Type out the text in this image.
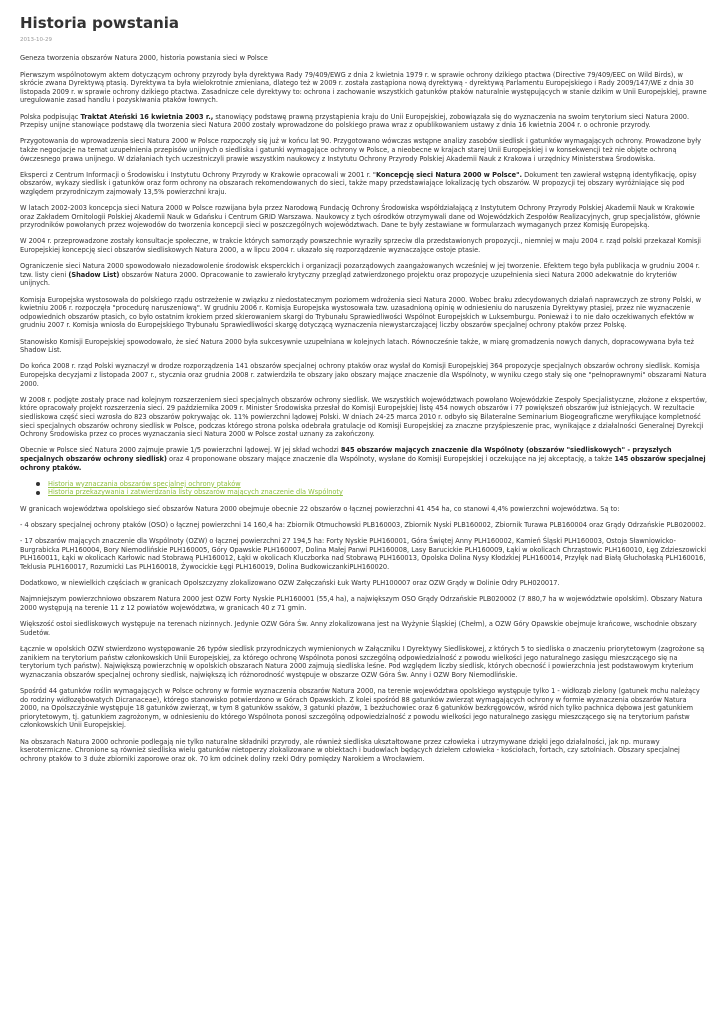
Historia powstania
2013-10-29

Geneza tworzenia obszarów Natura 2000, historia powstania sieci w Polsce

Pierwszym wspólnotowym aktem dotyczącym ochrony przyrody była dyrektywa Rady 79/409/EWG z dnia 2 kwietnia 1979 r. w sprawie ochrony dzikiego ptactwa (Directive 79/409/EEC on Wild Birds), w skrócie zwana Dyrektywą ptasią. Dyrektywa ta była wielokrotnie zmieniana, dlatego też w 2009 r. została zastąpiona nową dyrektywą - dyrektywą Parlamentu Europejskiego i Rady 2009/147/WE z dnia 30 listopada 2009 r. w sprawie ochrony dzikiego ptactwa. Zasadnicze cele dyrektywy to: ochrona i zachowanie wszystkich gatunków ptaków naturalnie występujących w stanie dzikim w Unii Europejskiej, prawne uregulowanie zasad handlu i pozyskiwania ptaków łownych.

Polska podpisując Traktat Ateński 16 kwietnia 2003 r., stanowiący podstawę prawną przystąpienia kraju do Unii Europejskiej, zobowiązała się do wyznaczenia na swoim terytorium sieci Natura 2000. Przepisy unijne stanowiące podstawę dla tworzenia sieci Natura 2000 zostały wprowadzone do polskiego prawa wraz z opublikowaniem ustawy z dnia 16 kwietnia 2004 r. o ochronie przyrody.

Przygotowania do wprowadzenia sieci Natura 2000 w Polsce rozpoczęły się już w końcu lat 90. Przygotowano wówczas wstępne analizy zasobów siedlisk i gatunków wymagających ochrony. Prowadzone były także negocjacje na temat uzupełnienia przepisów unijnych o siedliska i gatunki wymagające ochrony w Polsce, a nieobecne w krajach starej Unii Europejskiej i w konsekwencji też nie objęte ochroną ówczesnego prawa unijnego. W działaniach tych uczestniczyli prawie wszystkim naukowcy z Instytutu Ochrony Przyrody Polskiej Akademii Nauk z Krakowa i urzędnicy Ministerstwa Środowiska.

Eksperci z Centrum Informacji o Środowisku i Instytutu Ochrony Przyrody w Krakowie opracowali w 2001 r. "Koncepcję sieci Natura 2000 w Polsce". Dokument ten zawierał wstępną identyfikację, opisy obszarów, wykazy siedlisk i gatunków oraz form ochrony na obszarach rekomendowanych do sieci, także mapy przedstawiające lokalizację tych obszarów. W propozycji tej obszary wyróżniające się pod względem przyrodniczym zajmowały 13,5% powierzchni kraju.

W latach 2002-2003 koncepcja sieci Natura 2000 w Polsce rozwijana była przez Narodową Fundację Ochrony Środowiska współdziałającą z Instytutem Ochrony Przyrody Polskiej Akademii Nauk w Krakowie oraz Zakładem Ornitologii Polskiej Akademii Nauk w Gdańsku i Centrum GRID Warszawa. Naukowcy z tych ośrodków otrzymywali dane od Wojewódzkich Zespołów Realizacyjnych, grup specjalistów, głównie przyrodników powołanych przez wojewodów do tworzenia koncepcji sieci w poszczególnych województwach. Dane te były zestawiane w formularzach wymaganych przez Komisję Europejską.

W 2004 r. przeprowadzone zostały konsultacje społeczne, w trakcie których samorządy powszechnie wyraziły sprzeciw dla przedstawionych propozycji., niemniej w maju 2004 r. rząd polski przekazał Komisji Europejskiej koncepcję sieci obszarów siedliskowych Natura 2000, a w lipcu 2004 r. ukazało się rozporządzenie wyznaczające ostoje ptasie.

Ograniczenie sieci Natura 2000 spowodowało niezadowolenie środowisk eksperckich i organizacji pozarządowych zaangażowanych wcześniej w jej tworzenie. Efektem tego była publikacja w grudniu 2004 r. tzw. listy cieni (Shadow List) obszarów Natura 2000. Opracowanie to zawierało krytyczny przegląd zatwierdzonego projektu oraz propozycje uzupełnienia sieci Natura 2000 adekwatnie do kryteriów unijnych.

Komisja Europejska wystosowała do polskiego rządu ostrzeżenie w związku z niedostatecznym poziomem wdrożenia sieci Natura 2000. Wobec braku zdecydowanych działań naprawczych ze strony Polski, w kwietniu 2006 r. rozpoczęła "procedurę naruszeniową". W grudniu 2006 r. Komisja Europejska wystosowała tzw. uzasadnioną opinię w odniesieniu do naruszenia Dyrektywy ptasiej, przez nie wyznaczenie odpowiednich obszarów ptasich, co było ostatnim krokiem przed skierowaniem skargi do Trybunału Sprawiedliwości Wspólnot Europejskich w Luksemburgu. Ponieważ i to nie dało oczekiwanych efektów w grudniu 2007 r. Komisja wniosła do Europejskiego Trybunału Sprawiedliwości skargę dotyczącą wyznaczenia niewystarczającej liczby obszarów specjalnej ochrony ptaków przez Polskę.

Stanowisko Komisji Europejskiej spowodowało, że sieć Natura 2000 była sukcesywnie uzupełniana w kolejnych latach. Równocześnie także, w miarę gromadzenia nowych danych, dopracowywana była też Shadow List.

Do końca 2008 r. rząd Polski wyznaczył w drodze rozporządzenia 141 obszarów specjalnej ochrony ptaków oraz wysłał do Komisji Europejskiej 364 propozycje specjalnych obszarów ochrony siedlisk. Komisja Europejska decyzjami z listopada 2007 r., stycznia oraz grudnia 2008 r. zatwierdziła te obszary jako obszary mające znaczenie dla Wspólnoty, w wyniku czego stały się one "pełnoprawnymi" obszarami Natura 2000.

W 2008 r. podjęte zostały prace nad kolejnym rozszerzeniem sieci specjalnych obszarów ochrony siedlisk. We wszystkich województwach powołano Wojewódzkie Zespoły Specjalistyczne, złożone z ekspertów, które opracowały projekt rozszerzenia sieci. 29 października 2009 r. Minister Środowiska przesłał do Komisji Europejskiej listę 454 nowych obszarów i 77 powiększeń obszarów już istniejących. W rezultacie siedliskowa część sieci wzrosła do 823 obszarów pokrywając ok. 11% powierzchni lądowej Polski. W dniach 24-25 marca 2010 r. odbyło się Bilateralne Seminarium Biogeograficzne weryfikujące kompletność sieci specjalnych obszarów ochrony siedlisk w Polsce, podczas którego strona polska odebrała gratulacje od Komisji Europejskiej za znaczne przyśpieszenie prac, wynikające z działalności Generalnej Dyrekcji Ochrony Środowiska przez co proces wyznaczania sieci Natura 2000 w Polsce został uznany za zakończony.

Obecnie w Polsce sieć Natura 2000 zajmuje prawie 1/5 powierzchni lądowej. W jej skład wchodzi 845 obszarów mających znaczenie dla Wspólnoty (obszarów "siedliskowych" - przyszłych specjalnych obszarów ochrony siedlisk) oraz 4 proponowane obszary mające znaczenie dla Wspólnoty, wysłane do Komisji Europejskiej i oczekujące na jej akceptację, a także 145 obszarów specjalnej ochrony ptaków.

Historia wyznaczania obszarów specjalnej ochrony ptaków
Historia przekazywania i zatwierdzania listy obszarów mających znaczenie dla Wspólnoty

W granicach województwa opolskiego sieć obszarów Natura 2000 obejmuje obecnie 22 obszarów o łącznej powierzchni 41 454 ha, co stanowi 4,4% powierzchni województwa. Są to:

- 4 obszary specjalnej ochrony ptaków (OSO) o łącznej powierzchni 14 160,4 ha: Zbiornik Otmuchowski PLB160003, Zbiornik Nyski PLB160002, Zbiornik Turawa PLB160004 oraz Grądy Odrzańskie PLB020002.

- 17 obszarów mających znaczenie dla Wspólnoty (OZW) o łącznej powierzchni 27 194,5 ha: Forty Nyskie PLH160001, Góra Świętej Anny PLH160002, Kamień Śląski PLH160003, Ostoja Sławniowicko-Burgrabicka PLH160004, Bory Niemodlińskie PLH160005, Góry Opawskie PLH160007, Dolina Małej Panwi PLH160008, Lasy Barucickie PLH160009, Łąki w okolicach Chrząstowic PLH160010, Łęg Zdzieszowicki PLH160011, Łąki w okolicach Karłowic nad Stobrawą PLH160012, Łąki w okolicach Kluczborka nad Stobrawą PLH160013, Opolska Dolina Nysy Kłodzkiej PLH160014, Przyłęk nad Białą Głuchołaską PLH160016, Teklusia PLH160017, Rozumicki Las PLH160018, Żywocickie Łęgi PLH160019, Dolina BudkowiczankiPLH160020.

Dodatkowo, w niewielkich częściach w granicach Opolszczyzny zlokalizowano OZW Załęczański Łuk Warty PLH100007 oraz OZW Grądy w Dolinie Odry PLH020017.

Najmniejszym powierzchniowo obszarem Natura 2000 jest OZW Forty Nyskie PLH160001 (55,4 ha), a największym OSO Grądy Odrzańskie PLB020002 (7 880,7 ha w województwie opolskim). Obszary Natura 2000 występują na terenie 11 z 12 powiatów województwa, w granicach 40 z 71 gmin.

Większość ostoi siedliskowych występuje na terenach nizinnych. Jedynie OZW Góra Św. Anny zlokalizowana jest na Wyżynie Śląskiej (Chełm), a OZW Góry Opawskie obejmuje krańcowe, wschodnie obszary Sudetów.

Łącznie w opolskich OZW stwierdzono występowanie 26 typów siedlisk przyrodniczych wymienionych w Załączniku I Dyrektywy Siedliskowej, z których 5 to siedliska o znaczeniu priorytetowym (zagrożone są zanikiem na terytorium państw członkowskich Unii Europejskiej, za którego ochronę Wspólnota ponosi szczególną odpowiedzialność z powodu wielkości jego naturalnego zasięgu mieszczącego się na terytorium tych państw). Największą powierzchnię w opolskich obszarach Natura 2000 zajmują siedliska leśne. Pod względem liczby siedlisk, których obecność i powierzchnia jest podstawowym kryterium wyznaczania obszarów specjalnej ochrony siedlisk, największą ich różnorodność występuje w obszarze OZW Góra Św. Anny i OZW Bory Niemodlińskie.

Spośród 44 gatunków roślin wymagających w Polsce ochrony w formie wyznaczenia obszarów Natura 2000, na terenie województwa opolskiego występuje tylko 1 - widłoząb zielony (gatunek mchu należący do rodziny widłozębowatych Dicranaceae), którego stanowisko potwierdzono w Górach Opawskich. Z kolei spośród 88 gatunków zwierząt wymagających ochrony w formie wyznaczenia obszarów Natura 2000, na Opolszczyźnie występuje 18 gatunków zwierząt, w tym 8 gatunków ssaków, 3 gatunki płazów, 1 bezżuchowiec oraz 6 gatunków bezkręgowców, wśród nich tylko pachnica dębowa jest gatunkiem priorytetowym, tj. gatunkiem zagrożonym, w odniesieniu do którego Wspólnota ponosi szczególną odpowiedzialność z powodu wielkości jego naturalnego zasięgu mieszczącego się na terytorium państw członkowskich Unii Europejskiej.

Na obszarach Natura 2000 ochronie podlegają nie tylko naturalne składniki przyrody, ale również siedliska ukształtowane przez człowieka i utrzymywane dzięki jego działalności, jak np. murawy kserotermiczne. Chronione są również siedliska wielu gatunków nietoperzy zlokalizowane w obiektach i budowlach będących dziełem człowieka - kościołach, fortach, czy sztolniach. Obszary specjalnej ochrony ptaków to 3 duże zbiorniki zaporowe oraz ok. 70 km odcinek doliny rzeki Odry pomiędzy Narokiem a Wrocławiem.
